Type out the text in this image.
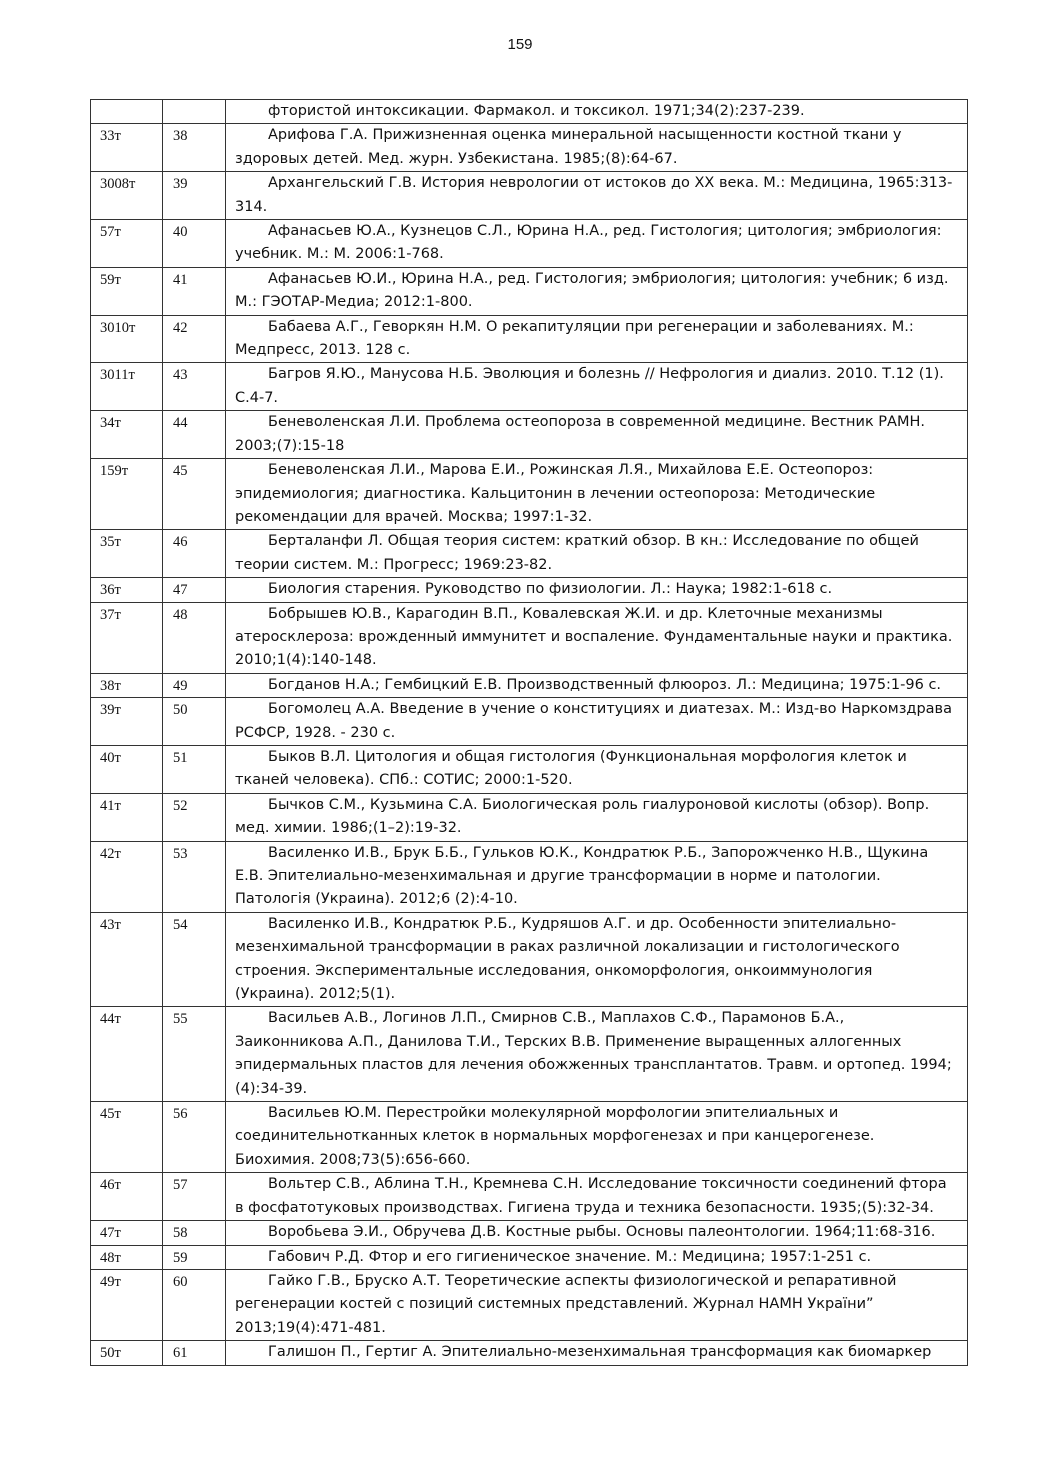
159
		фтористой интоксикации. Фармакол. и токсикол. 1971;34(2):237-239.
33т	38	Арифова Г.А. Прижизненная оценка минеральной насыщенности костной ткани у здоровых детей. Мед. журн. Узбекистана. 1985;(8):64-67.
3008т	39	Архангельский Г.В. История неврологии от истоков до XX века. М.: Медицина, 1965:313-314.
57т	40	Афанасьев Ю.А., Кузнецов С.Л., Юрина Н.А., ред. Гистология; цитология; эмбриология: учебник. М.: М. 2006:1-768.
59т	41	Афанасьев Ю.И., Юрина Н.А., ред. Гистология; эмбриология; цитология: учебник; 6 изд. М.: ГЭОТАР-Медиа; 2012:1-800.
3010т	42	Бабаева А.Г., Геворкян Н.М. О рекапитуляции при регенерации и заболеваниях. М.: Медпресс, 2013. 128 с.
3011т	43	Багров Я.Ю., Манусова Н.Б. Эволюция и болезнь // Нефрология и диализ. 2010. Т.12 (1). С.4-7.
34т	44	Беневоленская Л.И. Проблема остеопороза в современной медицине. Вестник РАМН. 2003;(7):15-18
159т	45	Беневоленская Л.И., Марова Е.И., Рожинская Л.Я., Михайлова Е.Е. Остеопороз: эпидемиология; диагностика. Кальцитонин в лечении остеопороза: Методические рекомендации для врачей. Москва; 1997:1-32.
35т	46	Берталанфи Л. Общая теория систем: краткий обзор. В кн.: Исследование по общей теории систем. М.: Прогресс; 1969:23-82.
36т	47	Биология старения. Руководство по физиологии. Л.: Наука; 1982:1-618 с.
37т	48	Бобрышев Ю.В., Карагодин В.П., Ковалевская Ж.И. и др. Клеточные механизмы атеросклероза: врожденный иммунитет и воспаление. Фундаментальные науки и практика. 2010;1(4):140-148.
38т	49	Богданов Н.А.; Гембицкий Е.В. Производственный флюороз. Л.: Медицина; 1975:1-96 с.
39т	50	Богомолец А.А. Введение в учение о конституциях и диатезах. М.: Изд-во Наркомздрава РСФСР, 1928. - 230 с.
40т	51	Быков В.Л. Цитология и общая гистология (Функциональная морфология клеток и тканей человека). СПб.: СОТИС; 2000:1-520.
41т	52	Бычков С.М., Кузьмина С.А. Биологическая роль гиалуроновой кислоты (обзор). Вопр. мед. химии. 1986;(1–2):19-32.
42т	53	Василенко И.В., Брук Б.Б., Гульков Ю.К., Кондратюк Р.Б., Запорожченко Н.В., Щукина Е.В. Эпителиально-мезенхимальная и другие трансформации в норме и патологии. Патологія (Украина). 2012;6 (2):4-10.
43т	54	Василенко И.В., Кондратюк Р.Б., Кудряшов А.Г. и др. Особенности эпителиально-мезенхимальной трансформации в раках различной локализации и гистологического строения. Экспериментальные исследования, онкоморфология, онкоиммунология (Украина). 2012;5(1).
44т	55	Васильев А.В., Логинов Л.П., Смирнов С.В., Маплахов С.Ф., Парамонов Б.А., Заиконникова А.П., Данилова Т.И., Терских В.В. Применение выращенных аллогенных эпидермальных пластов для лечения обожженных трансплантатов. Травм. и ортопед. 1994;(4):34-39.
45т	56	Васильев Ю.М. Перестройки молекулярной морфологии эпителиальных и соединительнотканных клеток в нормальных морфогенезах и при канцерогенезе. Биохимия. 2008;73(5):656-660.
46т	57	Вольтер С.В., Аблина Т.Н., Кремнева С.Н. Исследование токсичности соединений фтора в фосфатотуковых производствах. Гигиена труда и техника безопасности. 1935;(5):32-34.
47т	58	Воробьева Э.И., Обручева Д.В. Костные рыбы. Основы палеонтологии. 1964;11:68-316.
48т	59	Габович Р.Д. Фтор и его гигиеническое значение. М.: Медицина; 1957:1-251 с.
49т	60	Гайко Г.В., Бруско А.Т. Теоретические аспекты физиологической и репаративной регенерации костей с позиций системных представлений. Журнал НАМН України” 2013;19(4):471-481.
50т	61	Галишон П., Гертиг А. Эпителиально-мезенхимальная трансформация как биомаркер
